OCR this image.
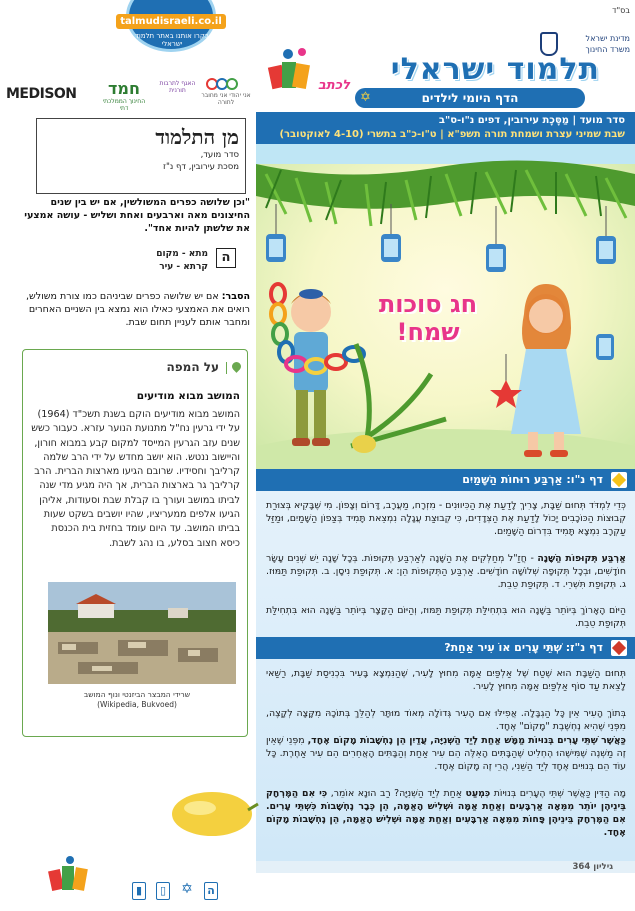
talmudisraeli.co.il
בקרו אותנו באתר תלמוד ישראלי
בס"ד
מדינת ישראל
משרד החינוך
MEDISON	חמד
החינוך הממלכתי דתי
האגף לתרבות תורנית
אני יהודי אני מחובר לתורה
תלמוד ישראלי
הדף היומי לילדים
✡
לכתב
סדר מועד | מַסֶּכֶת עירובין, דפים נ"ו-ס"ב
שבת שמיני עצרת ושמחת תורה תשפ"א | ט"ו-כ"ב בתשרי (4-10 לאוקטובר)
חג סוכות
שמח!
מן התלמוד
סדר מועד,
מסכת עירובין, דף נ"ז
"וכן שלושה כפרים המשולשין, אם יש בין שנים החיצונים מאה וארבעים ואחת ושליש - עושה אמצעי את שלשתן להיות אחד".
ה
מתא - מקום
קרתא - עיר
הסבר: אם יש שלושה כפרים שביניהם כמו צורת משולש, רואים את האמצעי כאילו הוא נמצא בין השניים האחרים ומחבר אותם לעניין תחום שבת.
על המפה
המושב מבוא מודיעים
המושב מבוא מודיעים הוקם בשנת תשכ"ד (1964) על ידי גרעין נח"ל מתנועת הנוער עזרא. כעבור כשש שנים עזב הגרעין המייסד למקום קבע במבוא חורון, והיישוב ננטש. הוא יושב מחדש על ידי הרב שלמה קרליבך וחסידיו. שרובם הגיעו מארצות הברית. הרב קרליבך גר בארצות הברית, אך היה מגיע מדי שנה לביתו במושב ועורך בו קבלת שבת וסעודות, אליהן הגיעו אלפים ממעריציו, שהיו יושבים בשקט שעות בביתו המושב. עד היום עומד בחזית בית הכנסת כיסא חצוב בסלע, בו נהג לשבת.
שרידי המבצר הביזנטי ונוף המושב
(Wikipedia, Bukvoed)
דף נ"ו: אַרְבַּע רוּחוֹת הַשָּׁמַיִם
כְּדֵי לִמְדֹּד תְּחוּם שַׁבָּת, צָרִיךְ לָדַעַת אֶת הַכִּיווּנִים - מִזְרָח, מַעֲרָב, דָּרוֹם וְצָפוֹן. מִי שֶׁבָּקִיא בְּצוּרַת קְבוּצוֹת הַכּוֹכָבִים יָכוֹל לָדַעַת אֶת הַצְּדָדִים, כִּי קְבוּצַת עֲגָלָה נִמְצֵאת תָּמִיד בְּצַפוֹן הַשָּׁמַיִם, וּמַזַּל עַקְרָב נִמְצָא תָּמִיד בִּדְרוֹם הַשָּׁמַיִם.
אַרְבַּע תְּקוּפוֹת הַשָּׁנָה - חֲזַ"ל מְחַלְּקִים אֶת הַשָּׁנָה לְאַרְבַּע תְּקוּפוֹת. בְּכָל שָׁנָה יֵשׁ שְׁנֵים עָשָׂר חוֹדָשִׁים, וּבְכָל תְּקוּפָה שְׁלוֹשָׁה חוֹדָשִׁים. אַרְבַּע הַתְּקוּפוֹת הֵן: א. תְּקוּפַת נִיסָן. ב. תְּקוּפַת תַּמּוּז. ג. תְּקוּפַת תִּשְׁרֵי. ד. תְּקוּפַת טֵבֵת.
הַיּוֹם הָאָרוֹךְ בְּיוֹתֵר בַּשָּׁנָה הוּא בִּתְחִילַּת תְּקוּפַת תַּמּוּז, וְהַיּוֹם הַקָּצָר בְּיוֹתֵר בַּשָּׁנָה הוּא בִּתְחִילַּת תְּקוּפַת טֵבֵת.
דף נ"ז: שְׁתֵּי עָרִים אוֹ עִיר אַחַת?
תְּחוּם הַשַּׁבָּת הוּא שֶׁטַח שֶׁל אַלְפַּיִם אַמָּה מִחוּץ לָעִיר, שֶׁהַנִּמְצָא בָּעִיר בִּכְנִיסַת שַׁבָּת, רַשַּׁאי לָצֵאת עַד סוֹף אַלְפַּיִם אַמָּה מִחוּץ לָעִיר.
בְּתוֹךְ הָעִיר אֵין כָּל הַגְבָּלָה. אֲפִילּוּ אִם הָעִיר גְּדוֹלָה מְאוֹד מוּתָּר לְהַלֵּךְ בְּתוֹכָהּ מִקָּצָה לְקָצֶה, מִפְּנֵי שֶׁהִיא נֶחְשֶׁבֶת "מָקוֹם" אֶחָד.
כַּאֲשֶׁר שְׁתֵּי עָרִים בְּנוּיוֹת מַמָּשׁ אַחַת לְיַד הַשְּׁנִיָּה, עֲדַיִן הֵן נֶחְשָׁבוֹת מָקוֹם אֶחָד, מִפְּנֵי שֶׁאֵין זֶה מַשְׁנֶה שֶׁמִּישֶׁהוּ הֶחְלִיט שֶׁהַבָּתִּים הָאֵלֶּה הֵם עִיר אַחַת וְהַבָּתִּים הָאֲחֵרִים הֵם עִיר אַחֶרֶת. כָּל עוֹד הֵם בְּנוּיִים אֶחָד לְיַד הַשֵּׁנִי, הֲרֵי זֶה מָקוֹם אֶחָד.
מָה הַדִּין כַּאֲשֶׁר שְׁתֵּי הֶעָרִים בְּנוּיוֹת כִּמְעַט אַחַת לְיַד הַשְּׁנִיָּה? רַב הוּנָא אוֹמֵר, כִּי אִם הַמֶּרְחָק בֵּינֵיהֶן יוֹתֵר מִמֵּאָה אַרְבָּעִים וְאַחַת אַמָּה וּשְׁלִישׁ הָאַמָּה, הֵן כְּבָר נֶחְשָׁבוֹת כִּשְׁתֵּי עָרִים. אִם הַמֶּרְחָק בֵּינֵיהֶן פָּחוֹת מִמֵּאָה אַרְבָּעִים וְאַחַת אַמָּה וּשְׁלִישׁ הָאַמָּה, הֵן נֶחְשָׁבוֹת מָקוֹם אֶחָד.
גיליון 364
ה
✡
▯
▮
